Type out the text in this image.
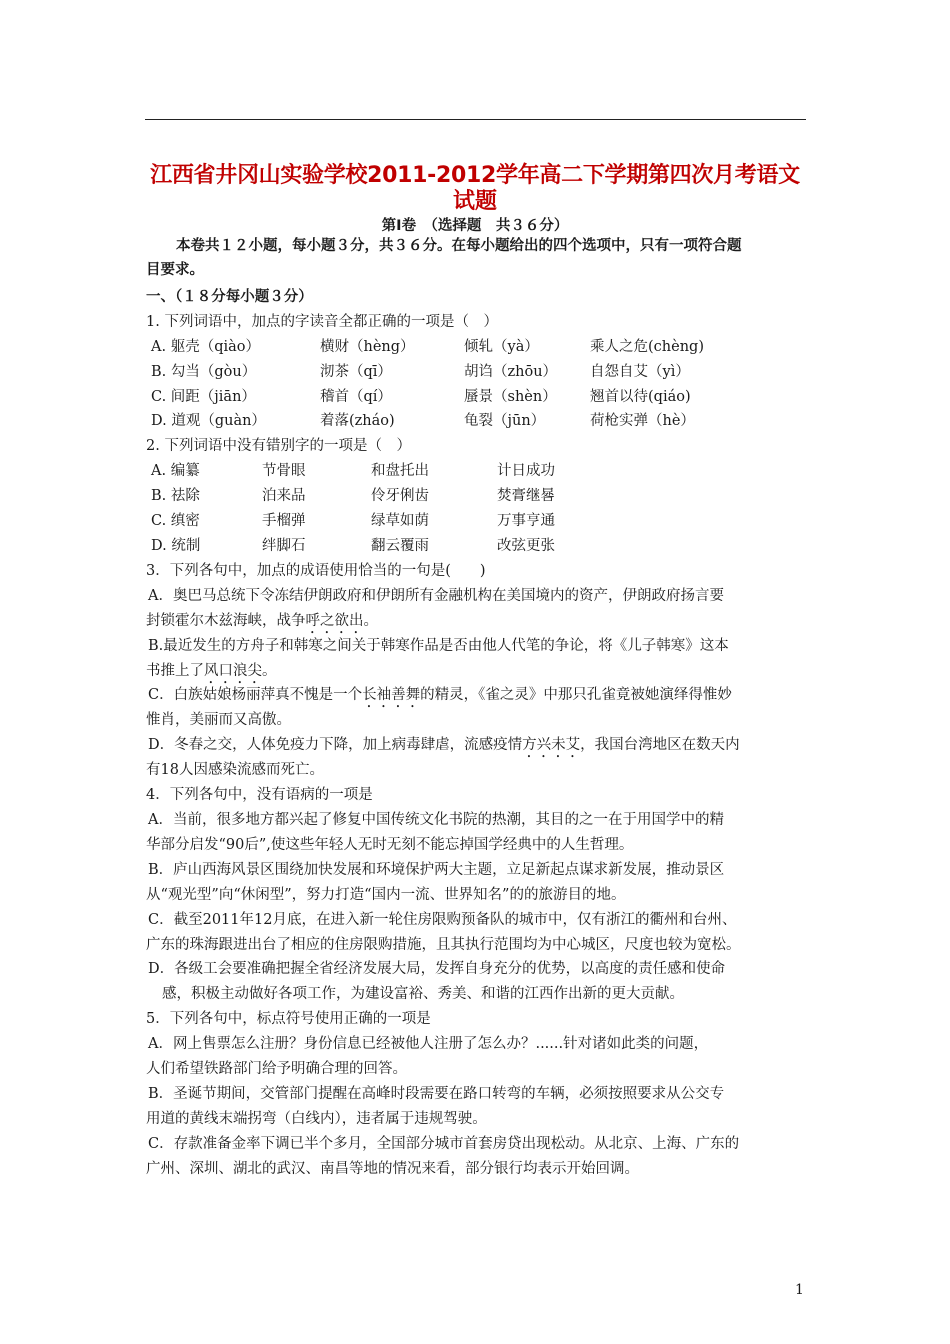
江西省井冈山实验学校2011-2012学年高二下学期第四次月考语文
试题
第Ⅰ卷　（选择题　共３６分）
本卷共１２小题，每小题３分，共３６分。在每小题给出的四个选项中，只有一项符合题
目要求。
一、（１８分每小题３分）
1. 下列词语中，加点的字读音全都正确的一项是（　）
A. 躯壳（qiào）	横财（hèng）	倾轧（yà）	乘人之危(chèng)
B. 勾当（gòu）	沏茶（qī）	胡诌（zhōu） 自怨自艾（yì）
C. 间距（jiān）	稽首（qí）	蜃景（shèn） 翘首以待(qiáo)
D. 道观（guàn）	着落(zháo)	龟裂（jūn）	荷枪实弹（hè）
2. 下列词语中没有错别字的一项是（　）
A. 编纂	节骨眼	和盘托出	计日成功
B. 祛除	泊来品	伶牙俐齿	焚膏继晷
C. 缜密	手榴弹	绿草如荫	万事亨通
D. 统制	绊脚石	翻云覆雨	改弦更张
3．下列各句中，加点的成语使用恰当的一句是(　　)
A．奥巴马总统下令冻结伊朗政府和伊朗所有金融机构在美国境内的资产，伊朗政府扬言要
封锁霍尔木兹海峡，战争呼之欲出。
B.最近发生的方舟子和韩寒之间关于韩寒作品是否由他人代笔的争论，将《儿子韩寒》这本
书推上了风口浪尖。
C．白族姑娘杨丽萍真不愧是一个长袖善舞的精灵，《雀之灵》中那只孔雀竟被她演绎得惟妙
惟肖，美丽而又高傲。
D．冬春之交，人体免疫力下降，加上病毒肆虐，流感疫情方兴未艾，我国台湾地区在数天内
有18人因感染流感而死亡。
4．下列各句中，没有语病的一项是
A．当前，很多地方都兴起了修复中国传统文化书院的热潮，其目的之一在于用国学中的精
华部分启发“90后”,使这些年轻人无时无刻不能忘掉国学经典中的人生哲理。
B．庐山西海风景区围绕加快发展和环境保护两大主题，立足新起点谋求新发展，推动景区
从“观光型”向“休闲型”，努力打造“国内一流、世界知名”的的旅游目的地。
C．截至2011年12月底，在进入新一轮住房限购预备队的城市中，仅有浙江的衢州和台州、
广东的珠海跟进出台了相应的住房限购措施，且其执行范围均为中心城区，尺度也较为宽松。
D．各级工会要准确把握全省经济发展大局，发挥自身充分的优势，以高度的责任感和使命
感，积极主动做好各项工作，为建设富裕、秀美、和谐的江西作出新的更大贡献。
5．下列各句中，标点符号使用正确的一项是
A．网上售票怎么注册？身份信息已经被他人注册了怎么办？......针对诸如此类的问题，
人们希望铁路部门给予明确合理的回答。
B．圣诞节期间，交管部门提醒在高峰时段需要在路口转弯的车辆，必须按照要求从公交专
用道的黄线末端拐弯（白线内），违者属于违规驾驶。
C．存款准备金率下调已半个多月，全国部分城市首套房贷出现松动。从北京、上海、广东的
广州、深圳、湖北的武汉、南昌等地的情况来看，部分银行均表示开始回调。
1
